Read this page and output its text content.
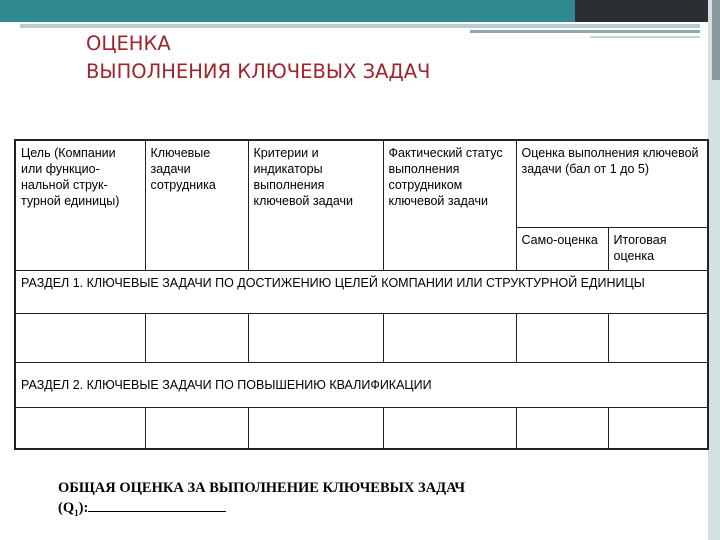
ОЦЕНКА
ВЫПОЛНЕНИЯ КЛЮЧЕВЫХ ЗАДАЧ
Цель (Компании или функцио-нальной струк-турной единицы)	Ключевые задачи сотрудника	Критерии и индикаторы выполнения ключевой задачи	Фактический статус выполнения сотрудником ключевой задачи	Оценка выполнения ключевой задачи (бал от 1 до 5)	
				Само-оценка	Итоговая оценка
РАЗДЕЛ 1. КЛЮЧЕВЫЕ ЗАДАЧИ ПО ДОСТИЖЕНИЮ ЦЕЛЕЙ КОМПАНИИ ИЛИ СТРУКТУРНОЙ ЕДИНИЦЫ					

РАЗДЕЛ 2. КЛЮЧЕВЫЕ ЗАДАЧИ ПО ПОВЫШЕНИЮ КВАЛИФИКАЦИИ					

ОБЩАЯ ОЦЕНКА ЗА ВЫПОЛНЕНИЕ КЛЮЧЕВЫХ ЗАДАЧ
$(Q_1)$:
